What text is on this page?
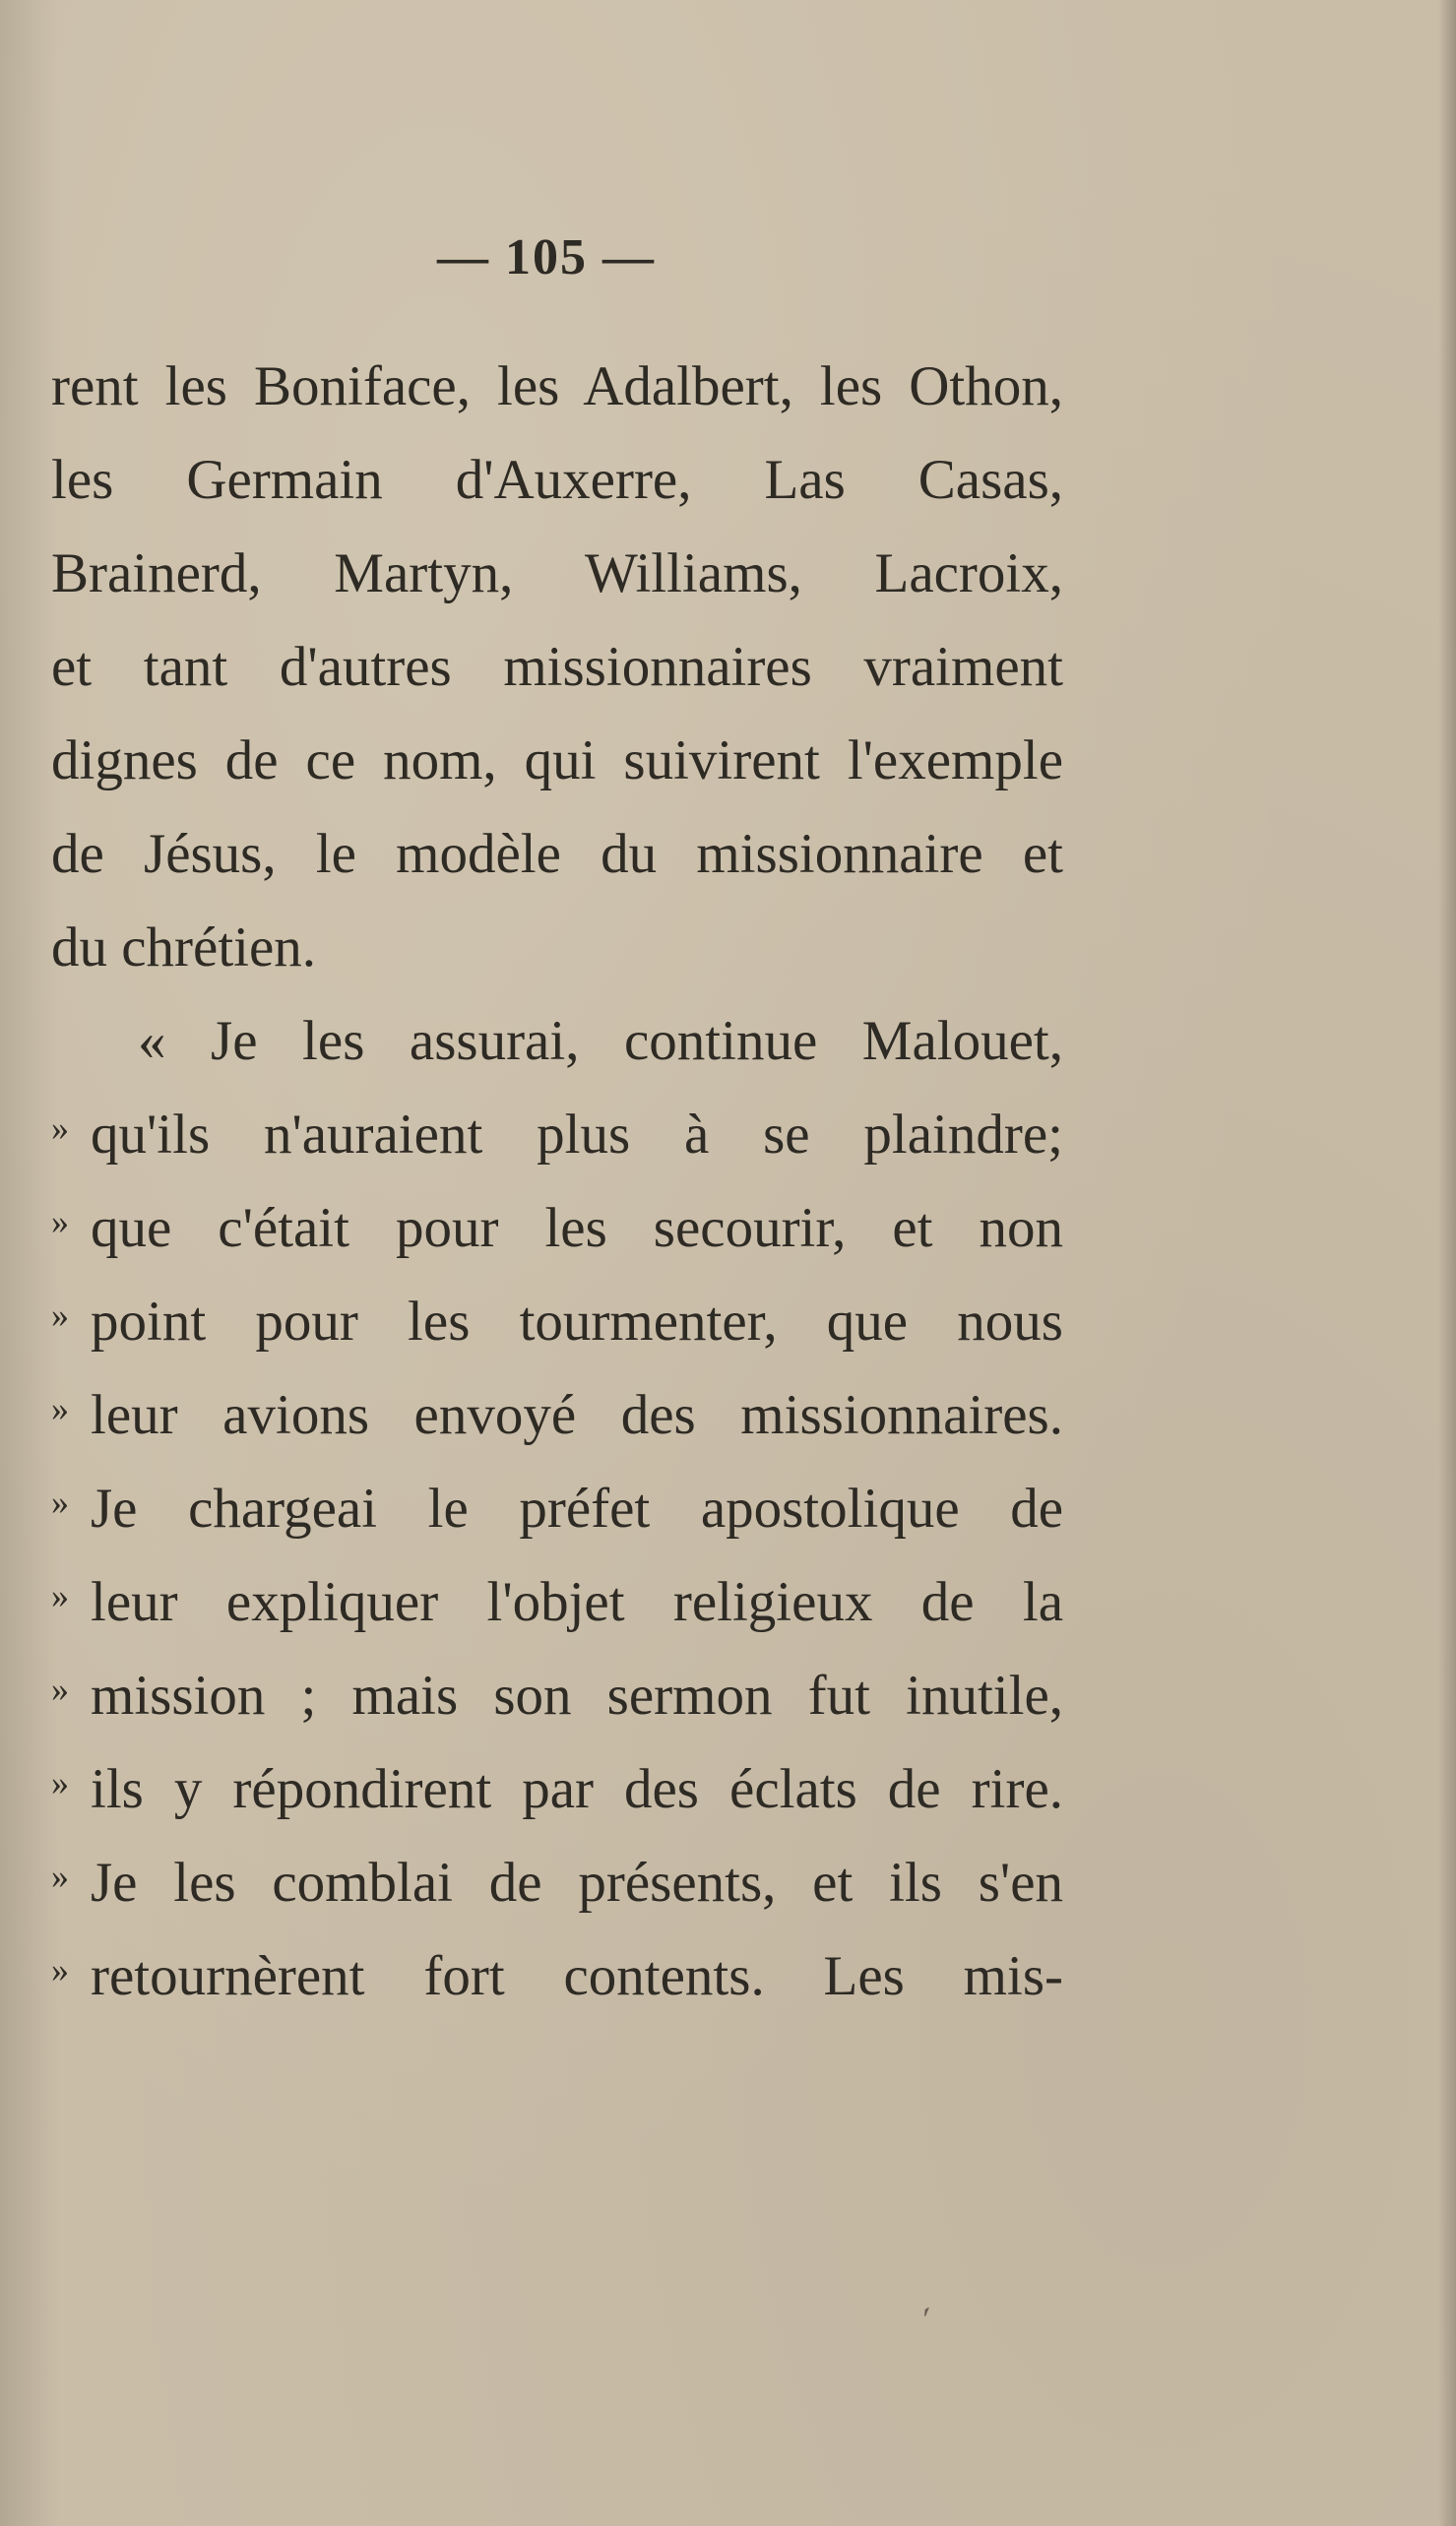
— 105 —
rent les Boniface, les Adalbert, les Othon,
les Germain d'Auxerre, Las Casas,
Brainerd, Martyn, Williams, Lacroix,
et tant d'autres missionnaires vraiment
dignes de ce nom, qui suivirent l'exemple
de Jésus, le modèle du missionnaire et
du chrétien.
« Je les assurai, continue Malouet,
» qu'ils n'auraient plus à se plaindre;
» que c'était pour les secourir, et non
» point pour les tourmenter, que nous
» leur avions envoyé des missionnaires.
» Je chargeai le préfet apostolique de
» leur expliquer l'objet religieux de la
» mission ; mais son sermon fut inutile,
» ils y répondirent par des éclats de rire.
» Je les comblai de présents, et ils s'en
» retournèrent fort contents. Les mis-
ˊ
